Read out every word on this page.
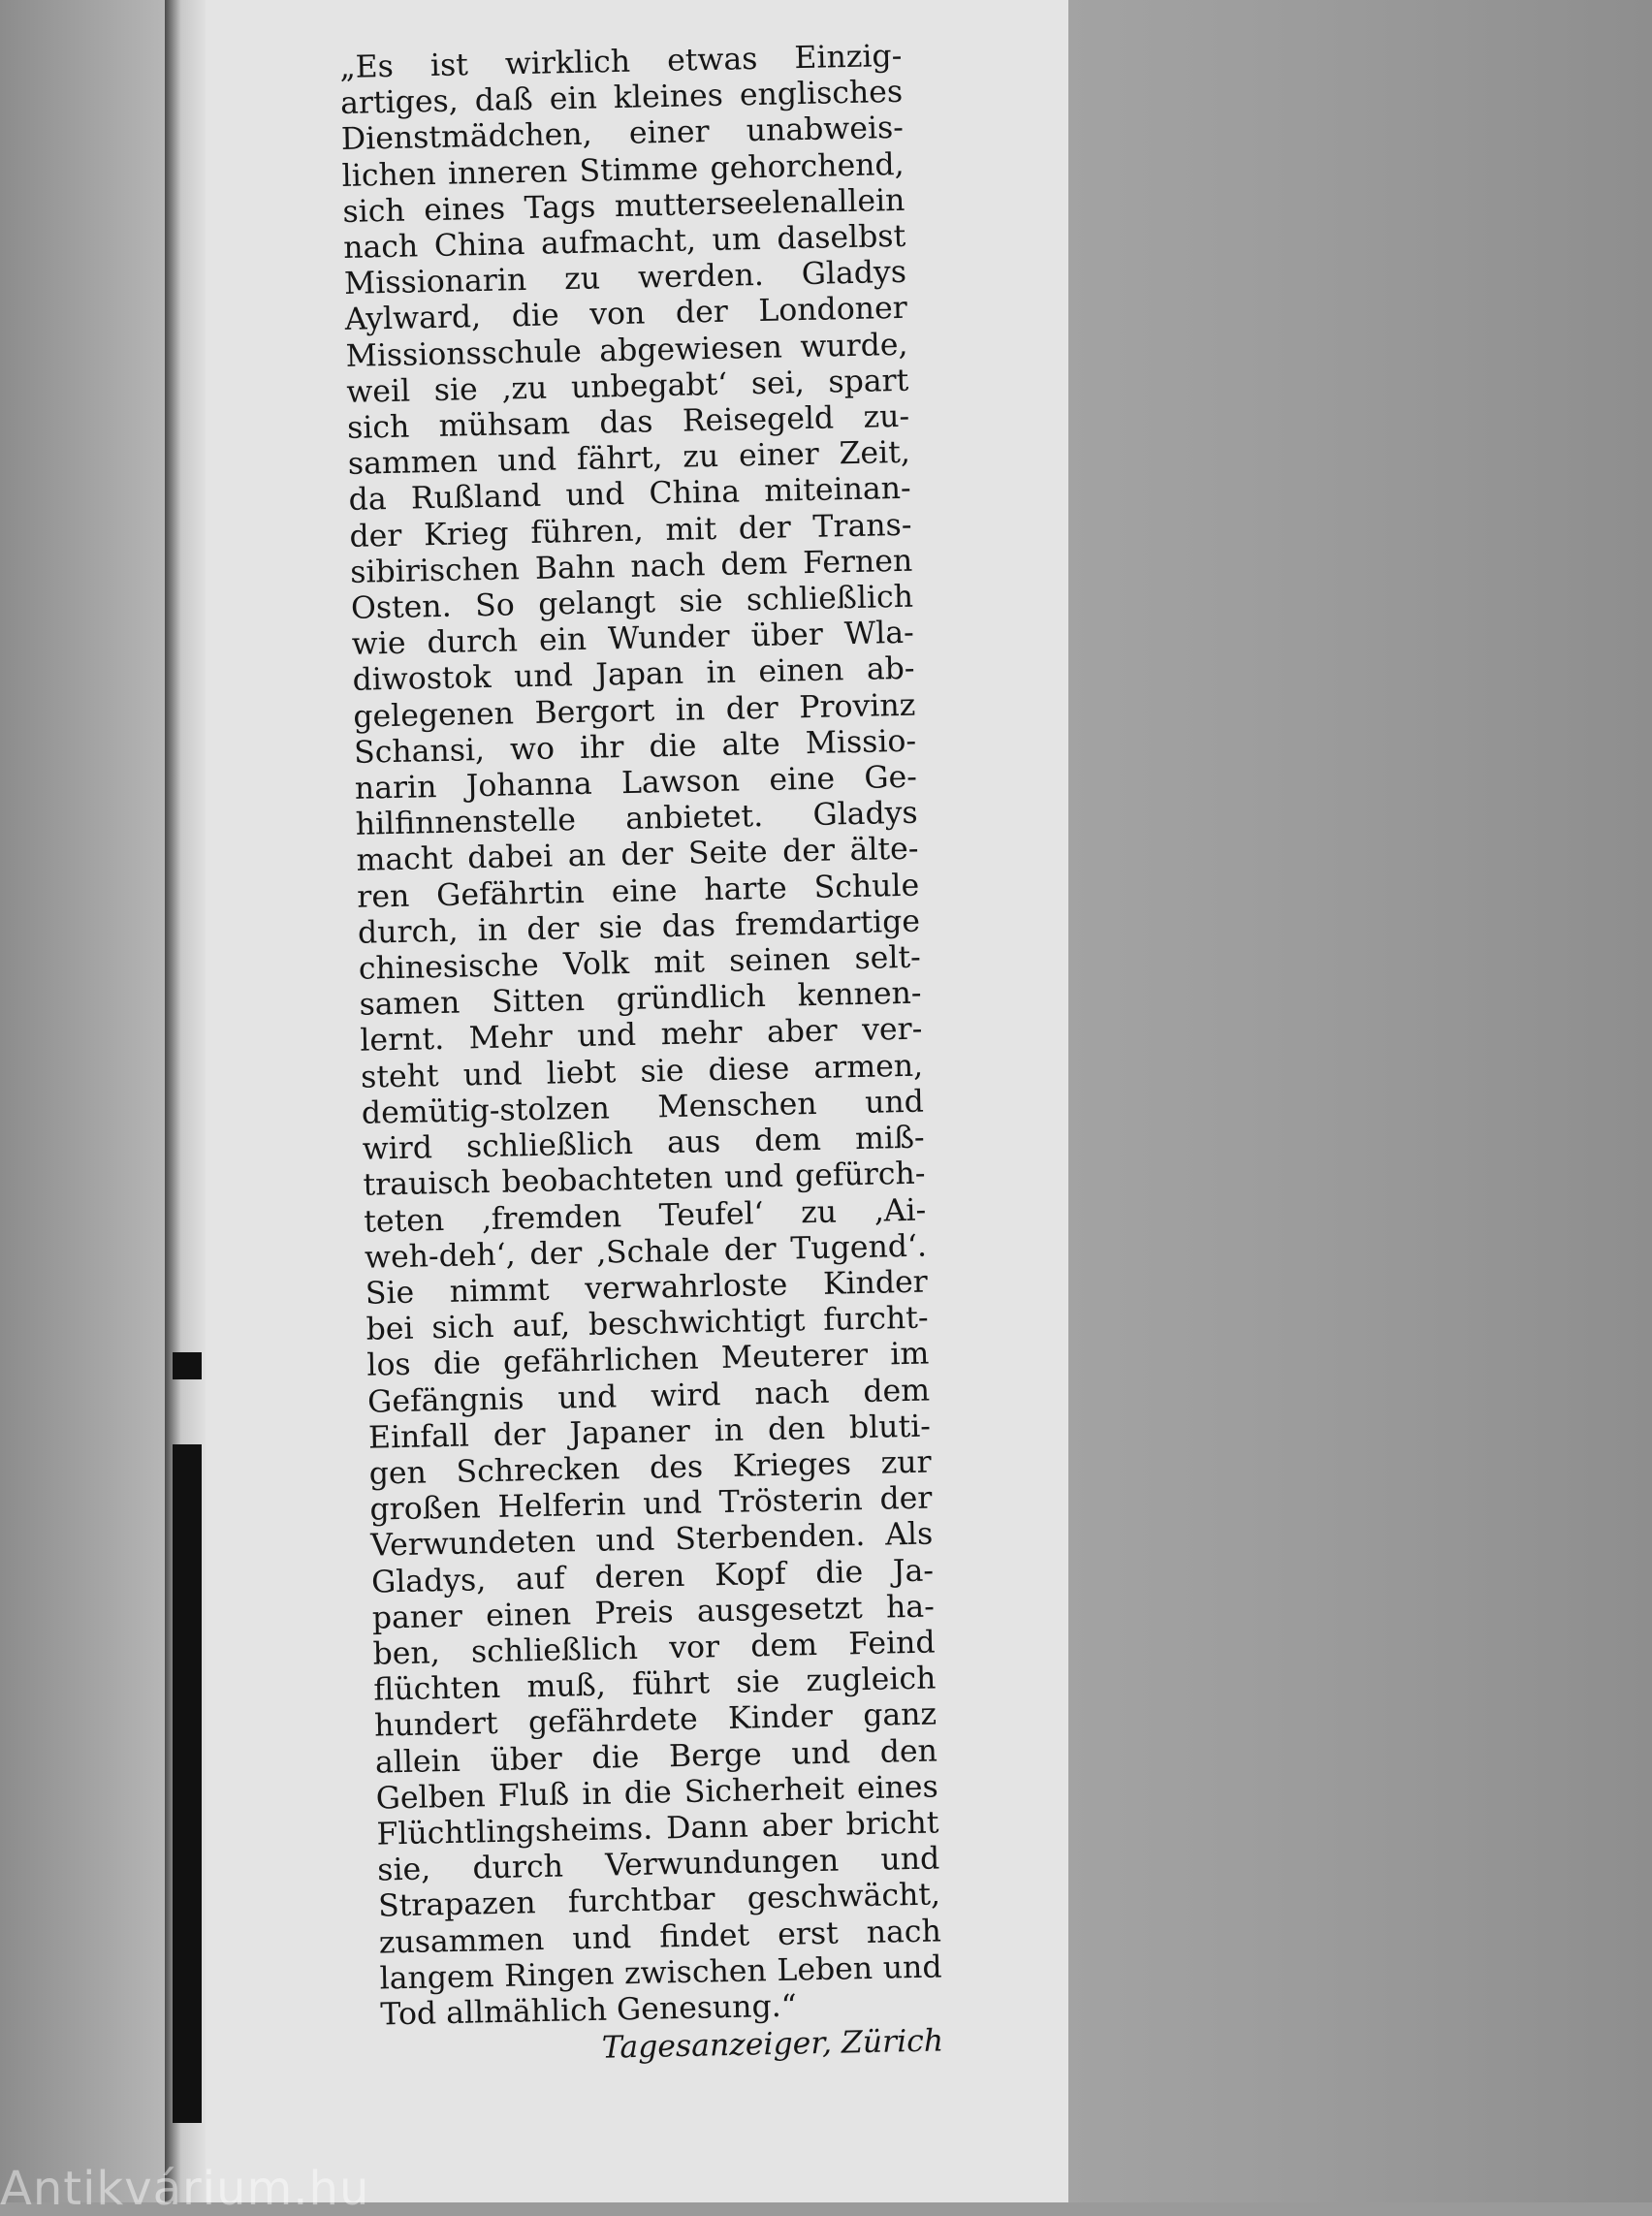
„Es ist wirklich etwas Einzig-
artiges, daß ein kleines englisches
Dienstmädchen, einer unabweis-
lichen inneren Stimme gehorchend,
sich eines Tags mutterseelenallein
nach China aufmacht, um daselbst
Missionarin zu werden. Gladys
Aylward, die von der Londoner
Missionsschule abgewiesen wurde,
weil sie ‚zu unbegabt‘ sei, spart
sich mühsam das Reisegeld zu-
sammen und fährt, zu einer Zeit,
da Rußland und China miteinan-
der Krieg führen, mit der Trans-
sibirischen Bahn nach dem Fernen
Osten. So gelangt sie schließlich
wie durch ein Wunder über Wla-
diwostok und Japan in einen ab-
gelegenen Bergort in der Provinz
Schansi, wo ihr die alte Missio-
narin Johanna Lawson eine Ge-
hilfinnenstelle anbietet. Gladys
macht dabei an der Seite der älte-
ren Gefährtin eine harte Schule
durch, in der sie das fremdartige
chinesische Volk mit seinen selt-
samen Sitten gründlich kennen-
lernt. Mehr und mehr aber ver-
steht und liebt sie diese armen,
demütig-stolzen Menschen und
wird schließlich aus dem miß-
trauisch beobachteten und gefürch-
teten ‚fremden Teufel‘ zu ‚Ai-
weh-deh‘, der ‚Schale der Tugend‘.
Sie nimmt verwahrloste Kinder
bei sich auf, beschwichtigt furcht-
los die gefährlichen Meuterer im
Gefängnis und wird nach dem
Einfall der Japaner in den bluti-
gen Schrecken des Krieges zur
großen Helferin und Trösterin der
Verwundeten und Sterbenden. Als
Gladys, auf deren Kopf die Ja-
paner einen Preis ausgesetzt ha-
ben, schließlich vor dem Feind
flüchten muß, führt sie zugleich
hundert gefährdete Kinder ganz
allein über die Berge und den
Gelben Fluß in die Sicherheit eines
Flüchtlingsheims. Dann aber bricht
sie, durch Verwundungen und
Strapazen furchtbar geschwächt,
zusammen und findet erst nach
langem Ringen zwischen Leben und
Tod allmählich Genesung.“
Tagesanzeiger, Zürich
Antikvárium.hu
